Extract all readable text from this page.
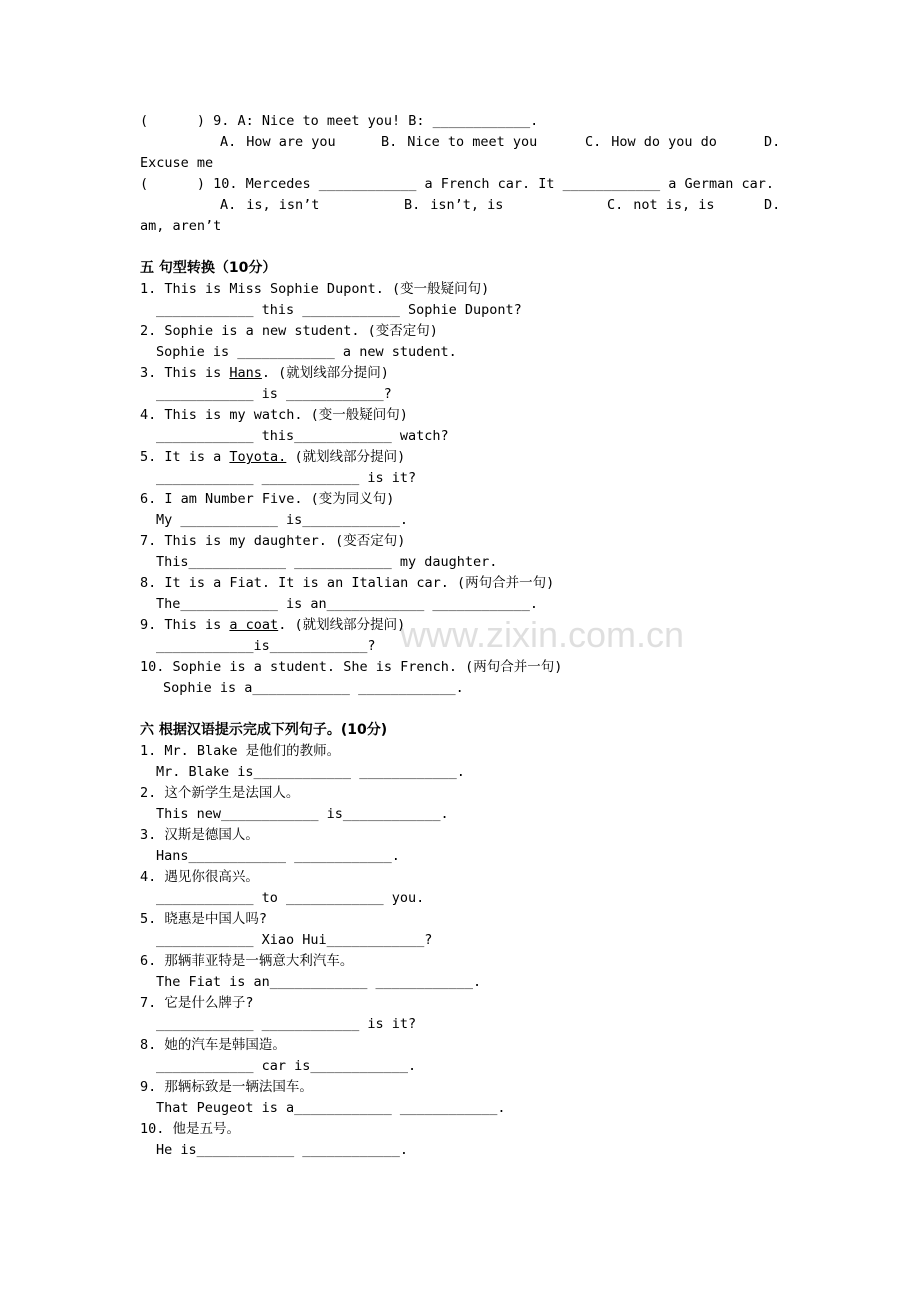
www.zixin.com.cn
(      ) 9. A: Nice to meet you! B: ____________.
A. How are you	B. Nice to meet you	C. How do you do	D.
Excuse me
(      ) 10. Mercedes ____________ a French car. It ____________ a German car.
A. is, isn’t	B. isn’t, is	C. not is, is	D.
am, aren’t
五 句型转换（10分）
1. This is Miss Sophie Dupont. (变一般疑问句)
____________ this ____________ Sophie Dupont?
2. Sophie is a new student. (变否定句)
Sophie is ____________ a new student.
3. This is Hans. (就划线部分提问)
____________ is ____________?
4. This is my watch. (变一般疑问句)
____________ this____________ watch?
5. It is a Toyota. (就划线部分提问)
____________ ____________ is it?
6. I am Number Five. (变为同义句)
My ____________ is____________.
7. This is my daughter. (变否定句)
This____________ ____________ my daughter.
8. It is a Fiat. It is an Italian car. (两句合并一句)
The____________ is an____________ ____________.
9. This is a coat. (就划线部分提问)
____________is____________?
10. Sophie is a student. She is French. (两句合并一句)
Sophie is a____________ ____________.
六 根据汉语提示完成下列句子。(10分)
1. Mr. Blake 是他们的教师。
Mr. Blake is____________ ____________.
2. 这个新学生是法国人。
This new____________ is____________.
3. 汉斯是德国人。
Hans____________ ____________.
4. 遇见你很高兴。
____________ to ____________ you.
5. 晓惠是中国人吗?
____________ Xiao Hui____________?
6. 那辆菲亚特是一辆意大利汽车。
The Fiat is an____________ ____________.
7. 它是什么牌子?
____________ ____________ is it?
8. 她的汽车是韩国造。
____________ car is____________.
9. 那辆标致是一辆法国车。
That Peugeot is a____________ ____________.
10. 他是五号。
He is____________ ____________.
